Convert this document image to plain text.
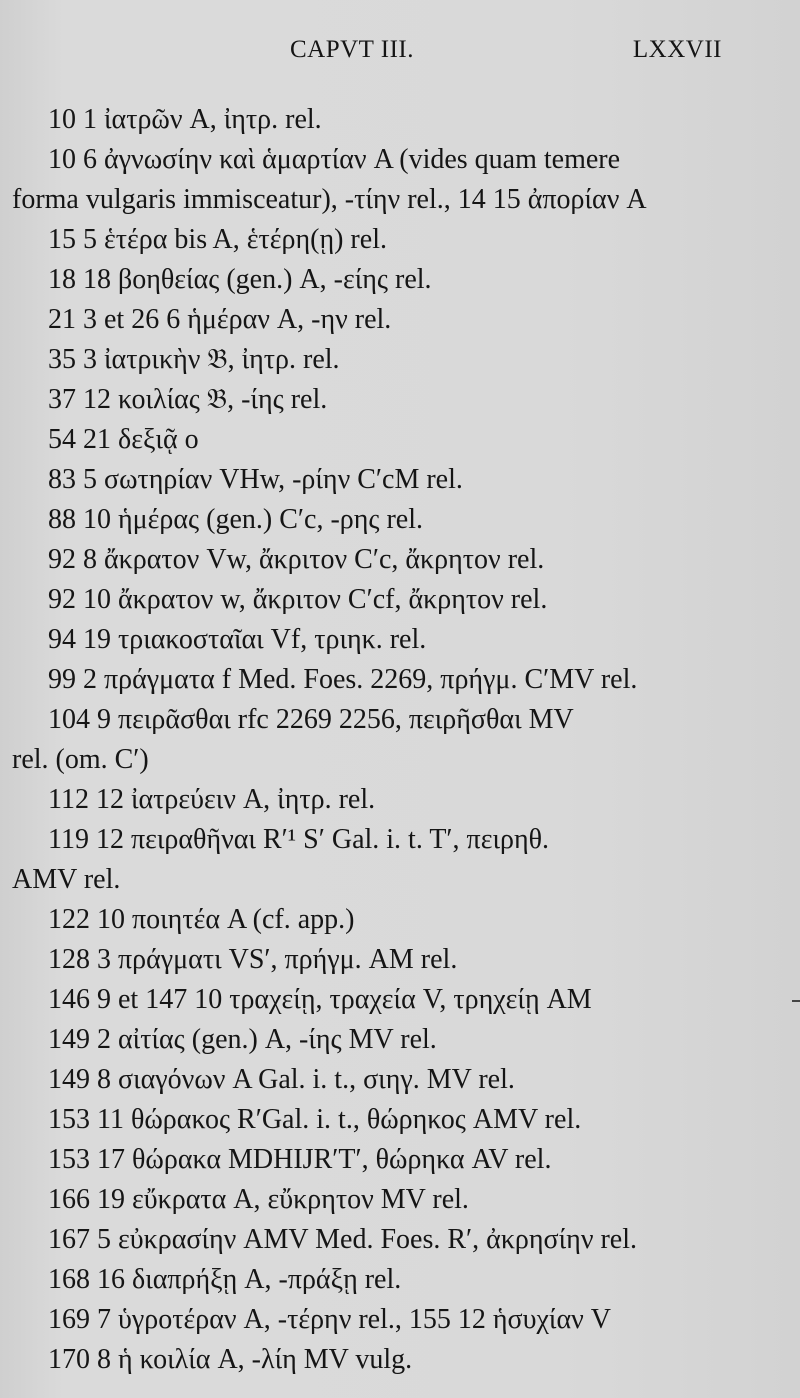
CAPVT III.	LXXVII
10 1 ἰατρῶν A, ἰητρ. rel.
10 6 ἀγνωσίην καὶ ἁμαρτίαν A (vides quam temere
forma vulgaris immisceatur), -τίην rel., 14 15 ἀπορίαν A
15 5 ἑτέρα bis A, ἑτέρη(ῃ) rel.
18 18 βοηθείας (gen.) A, -είης rel.
21 3 et 26 6 ἡμέραν A, -ην rel.
35 3 ἰατρικὴν 𝔅, ἰητρ. rel.
37 12 κοιλίας 𝔅, -ίης rel.
54 21 δεξιᾷ o
83 5 σωτηρίαν VHw, -ρίην C′cM rel.
88 10 ἡμέρας (gen.) C′c, -ρης rel.
92 8 ἄκρατον Vw, ἄκριτον C′c, ἄκρητον rel.
92 10 ἄκρατον w, ἄκριτον C′cf, ἄκρητον rel.
94 19 τριακοσταῖαι Vf, τριηκ. rel.
99 2 πράγματα f Med. Foes. 2269, πρήγμ. C′MV rel.
104 9 πειρᾶσθαι rfc 2269 2256, πειρῆσθαι MV
rel. (om. C′)
112 12 ἰατρεύειν A, ἰητρ. rel.
119 12 πειραθῆναι R′¹ S′ Gal. i. t. T′, πειρηθ.
AMV rel.
122 10 ποιητέα A (cf. app.)
128 3 πράγματι VS′, πρήγμ. AM rel.
146 9 et 147 10 τραχείῃ, τραχεία V, τρηχείῃ AM
149 2 αἰτίας (gen.) A, -ίης MV rel.
149 8 σιαγόνων A Gal. i. t., σιηγ. MV rel.
153 11 θώρακος R′Gal. i. t., θώρηκος AMV rel.
153 17 θώρακα MDHIJR′T′, θώρηκα AV rel.
166 19 εὔκρατα A, εὔκρητον MV rel.
167 5 εὐκρασίην AMV Med. Foes. R′, ἀκρησίην rel.
168 16 διαπρήξῃ A, -πράξῃ rel.
169 7 ὑγροτέραν A, -τέρην rel., 155 12 ἡσυχίαν V
170 8 ἡ κοιλία A, -λίη MV vulg.
